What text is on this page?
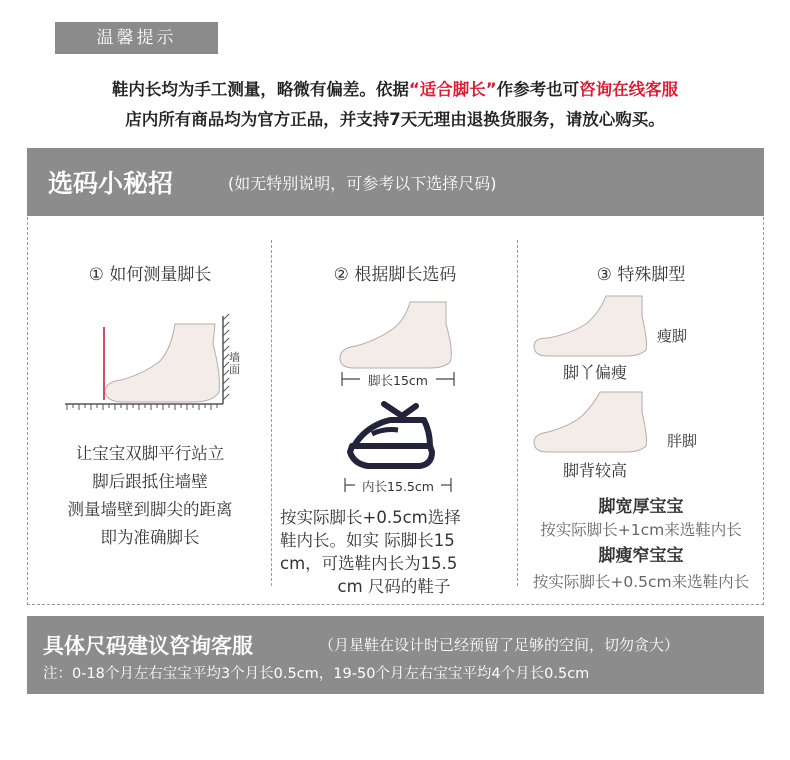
温馨提示
鞋内长均为手工测量，略微有偏差。依据“适合脚长”作参考也可咨询在线客服
店内所有商品均为官方正品，并支持7天无理由退换货服务，请放心购买。
选码小秘招	(如无特别说明，可参考以下选择尺码)
① 如何测量脚长
墙面
让宝宝双脚平行站立
脚后跟抵住墙壁
测量墙壁到脚尖的距离
即为准确脚长
② 根据脚长选码
脚长15cm
内长15.5cm
按实际脚长+0.5cm选择
鞋内长。如实 际脚长15
cm，可选鞋内长为15.5
cm 尺码的鞋子
③ 特殊脚型
瘦脚
脚丫偏瘦
胖脚
脚背较高
脚宽厚宝宝
按实际脚长+1cm来选鞋内长
脚瘦窄宝宝
按实际脚长+0.5cm来选鞋内长
具体尺码建议咨询客服	（月星鞋在设计时已经预留了足够的空间，切勿贪大）
注：0-18个月左右宝宝平均3个月长0.5cm，19-50个月左右宝宝平均4个月长0.5cm
